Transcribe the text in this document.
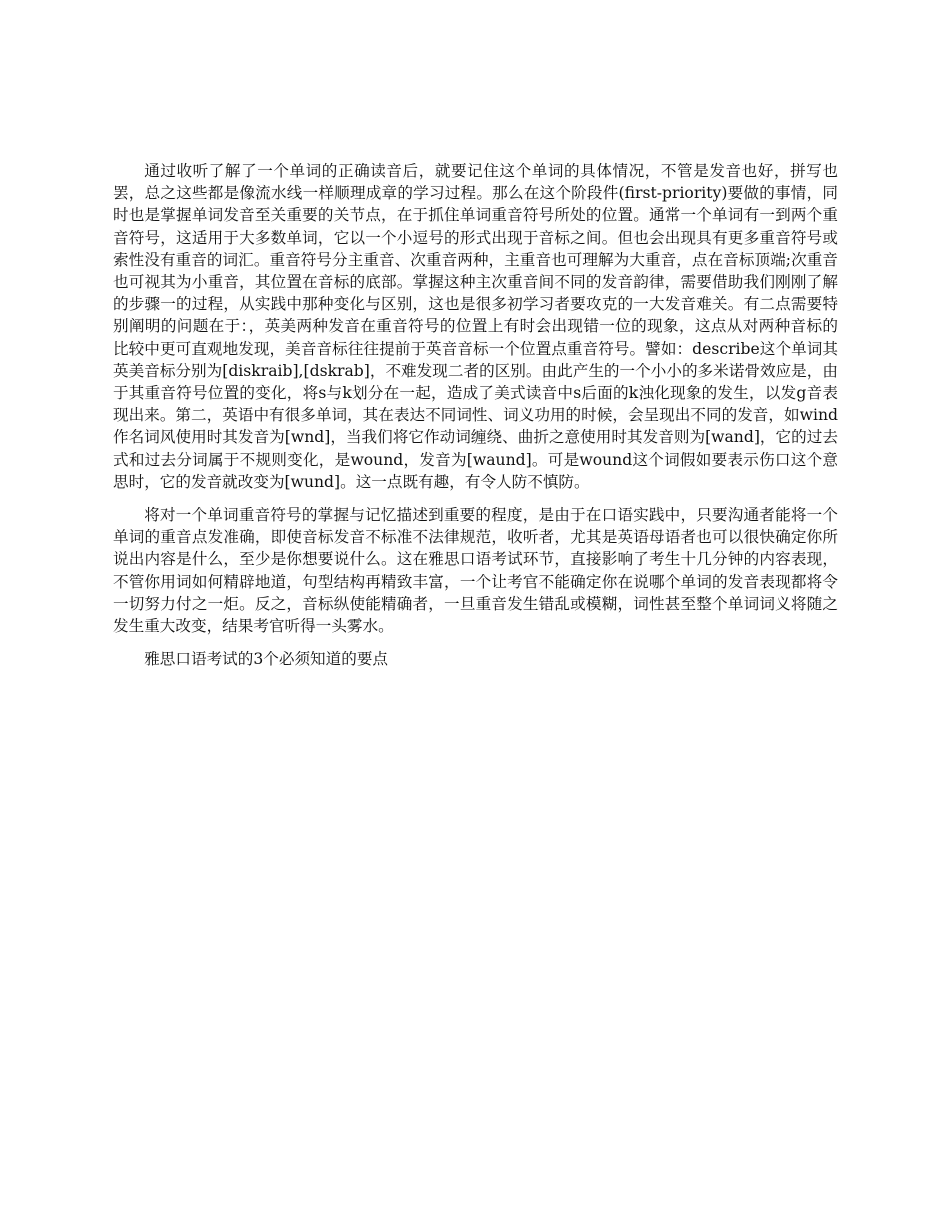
通过收听了解了一个单词的正确读音后，就要记住这个单词的具体情况，不管是发音也好，拼写也罢，总之这些都是像流水线一样顺理成章的学习过程。那么在这个阶段件(first-priority)要做的事情，同时也是掌握单词发音至关重要的关节点，在于抓住单词重音符号所处的位置。通常一个单词有一到两个重音符号，这适用于大多数单词，它以一个小逗号的形式出现于音标之间。但也会出现具有更多重音符号或索性没有重音的词汇。重音符号分主重音、次重音两种，主重音也可理解为大重音，点在音标顶端;次重音也可视其为小重音，其位置在音标的底部。掌握这种主次重音间不同的发音韵律，需要借助我们刚刚了解的步骤一的过程，从实践中那种变化与区别，这也是很多初学习者要攻克的一大发音难关。有二点需要特别阐明的问题在于：，英美两种发音在重音符号的位置上有时会出现错一位的现象，这点从对两种音标的比较中更可直观地发现，美音音标往往提前于英音音标一个位置点重音符号。譬如：describe这个单词其英美音标分别为[diskraib],[dskrab]，不难发现二者的区别。由此产生的一个小小的多米诺骨效应是，由于其重音符号位置的变化，将s与k划分在一起，造成了美式读音中s后面的k浊化现象的发生，以发g音表现出来。第二，英语中有很多单词，其在表达不同词性、词义功用的时候，会呈现出不同的发音，如wind作名词风使用时其发音为[wnd]，当我们将它作动词缠绕、曲折之意使用时其发音则为[wand]，它的过去式和过去分词属于不规则变化，是wound，发音为[waund]。可是wound这个词假如要表示伤口这个意思时，它的发音就改变为[wund]。这一点既有趣，有令人防不慎防。

将对一个单词重音符号的掌握与记忆描述到重要的程度，是由于在口语实践中，只要沟通者能将一个单词的重音点发准确，即使音标发音不标准不法律规范，收听者，尤其是英语母语者也可以很快确定你所说出内容是什么，至少是你想要说什么。这在雅思口语考试环节，直接影响了考生十几分钟的内容表现，不管你用词如何精辟地道，句型结构再精致丰富，一个让考官不能确定你在说哪个单词的发音表现都将令一切努力付之一炬。反之，音标纵使能精确者，一旦重音发生错乱或模糊，词性甚至整个单词词义将随之发生重大改变，结果考官听得一头雾水。

雅思口语考试的3个必须知道的要点
